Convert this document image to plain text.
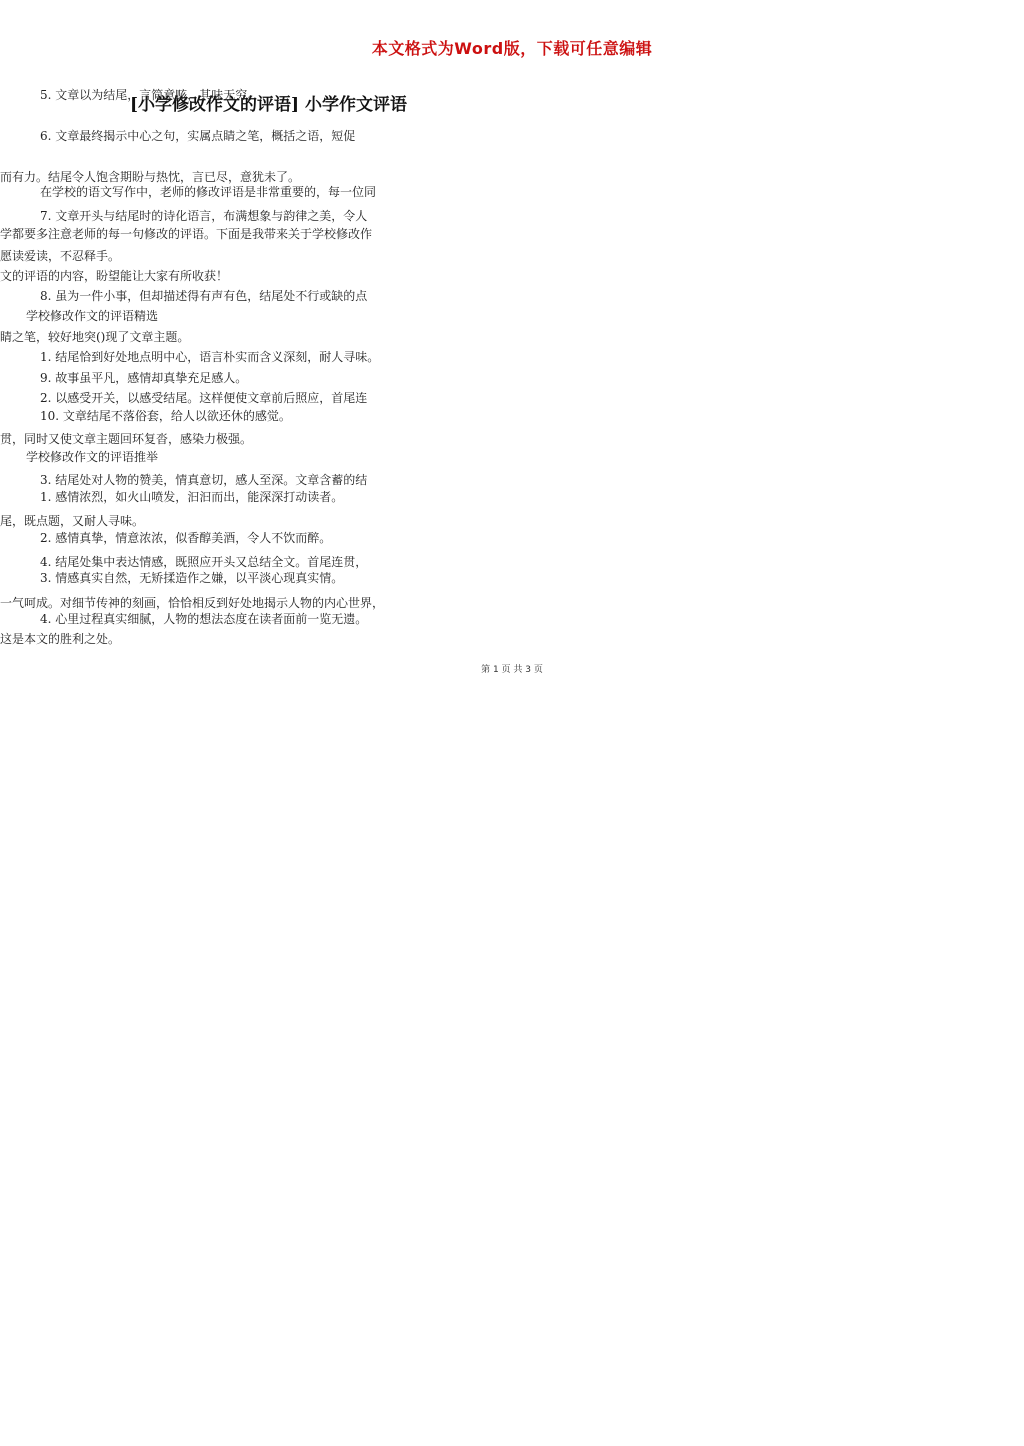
本文格式为Word版，下载可任意编辑
[小学修改作文的评语] 小学作文评语
在学校的语文写作中，老师的修改评语是非常重要的，每一位同
学都要多注意老师的每一句修改的评语。下面是我带来关于学校修改作
文的评语的内容，盼望能让大家有所收获！
学校修改作文的评语精选
1. 结尾恰到好处地点明中心，语言朴实而含义深刻，耐人寻味。
2. 以感受开关，以感受结尾。这样便使文章前后照应，首尾连
贯，同时又使文章主题回环复沓，感染力极强。
3. 结尾处对人物的赞美，情真意切，感人至深。文章含蓄的结
尾，既点题，又耐人寻味。
4. 结尾处集中表达情感，既照应开头又总结全文。首尾连贯，
一气呵成。对细节传神的刻画，恰恰相反到好处地揭示人物的内心世界，
这是本文的胜利之处。
5. 文章以为结尾，言简意赅，其味无穷。
6. 文章最终揭示中心之句，实属点睛之笔，概括之语，短促
而有力。结尾令人饱含期盼与热忱，言已尽，意犹未了。
7. 文章开头与结尾时的诗化语言，布满想象与韵律之美，令人
愿读爱读，不忍释手。
8. 虽为一件小事，但却描述得有声有色，结尾处不行或缺的点
睛之笔，较好地突()现了文章主题。
9. 故事虽平凡，感情却真挚充足感人。
10. 文章结尾不落俗套，给人以欲还休的感觉。
学校修改作文的评语推举
1. 感情浓烈，如火山喷发，汩汩而出，能深深打动读者。
2. 感情真挚，情意浓浓，似香醇美酒，令人不饮而醉。
3. 情感真实自然，无矫揉造作之嫌，以平淡心现真实情。
4. 心里过程真实细腻，人物的想法态度在读者面前一览无遗。
第 1 页 共 3 页
